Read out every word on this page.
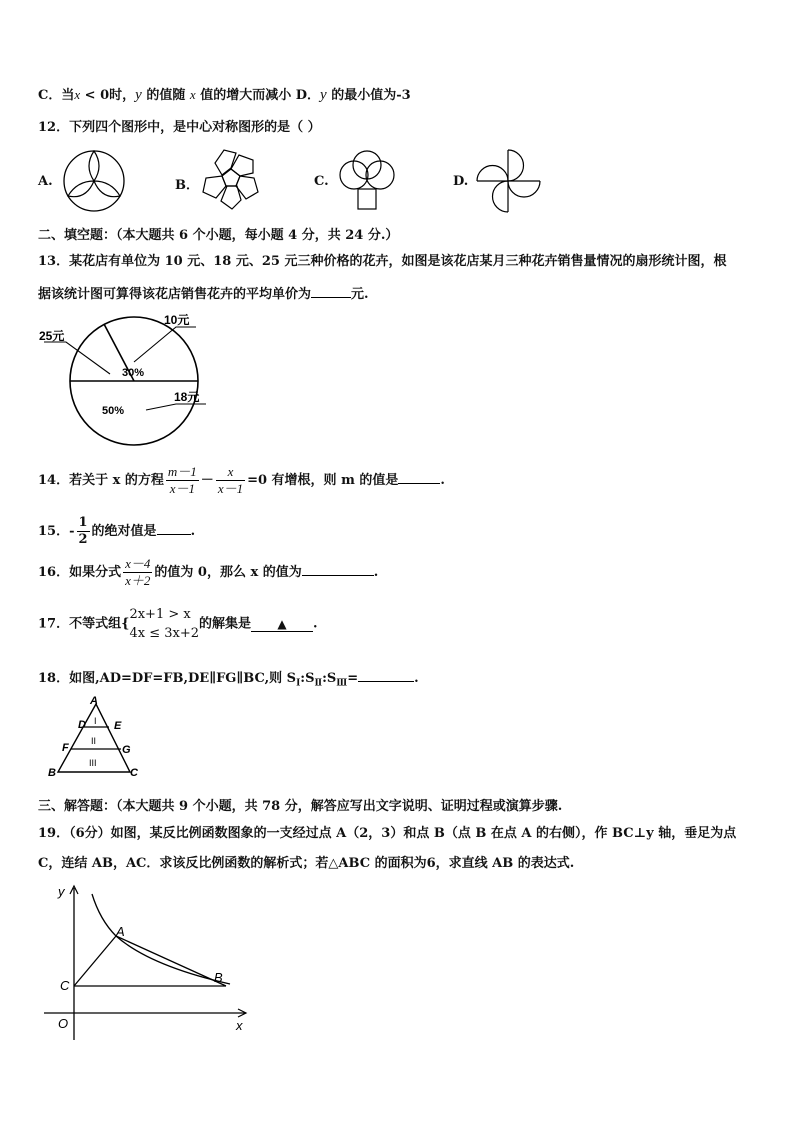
C．当x < 0时，y 的值随 x 值的增大而减小 D．y 的最小值为-3
12．下列四个图形中，是中心对称图形的是（ ）
A.	B．	C.	D.
二、填空题：（本大题共 6 个小题，每小题 4 分，共 24 分.）
13．某花店有单位为 10 元、18 元、25 元三种价格的花卉，如图是该花店某月三种花卉销售量情况的扇形统计图，根
据该统计图可算得该花店销售花卉的平均单价为	元.
25元
10元
18元
30%
50%
14．若关于 x 的方程 $\frac{m-1}{x-1} - \frac{x}{x-1} =0$ 有增根，则 m 的值是	.
15．- $\frac{1}{2}$ 的绝对值是	.
16．如果分式 $\frac{x-4}{x+2}$ 的值为 0，那么 x 的值为	.
17．不等式组{
2x+1 > x
4x ≤ 3x+2
的解集是 ▲ .
18．如图,AD=DF=FB,DE∥FG∥BC,则 $S_Ⅰ:S_Ⅱ:S_Ⅲ=$	.
A
D	E
F	G
B	C
I
II
III
三、解答题：（本大题共 9 个小题，共 78 分，解答应写出文字说明、证明过程或演算步骤.
19．（6分）如图，某反比例函数图象的一支经过点 A（2，3）和点 B（点 B 在点 A 的右侧），作 BC⊥y 轴，垂足为点
C，连结 AB，AC．求该反比例函数的解析式；若△ABC 的面积为6，求直线 AB 的表达式.
y
x
O
A
B
C
